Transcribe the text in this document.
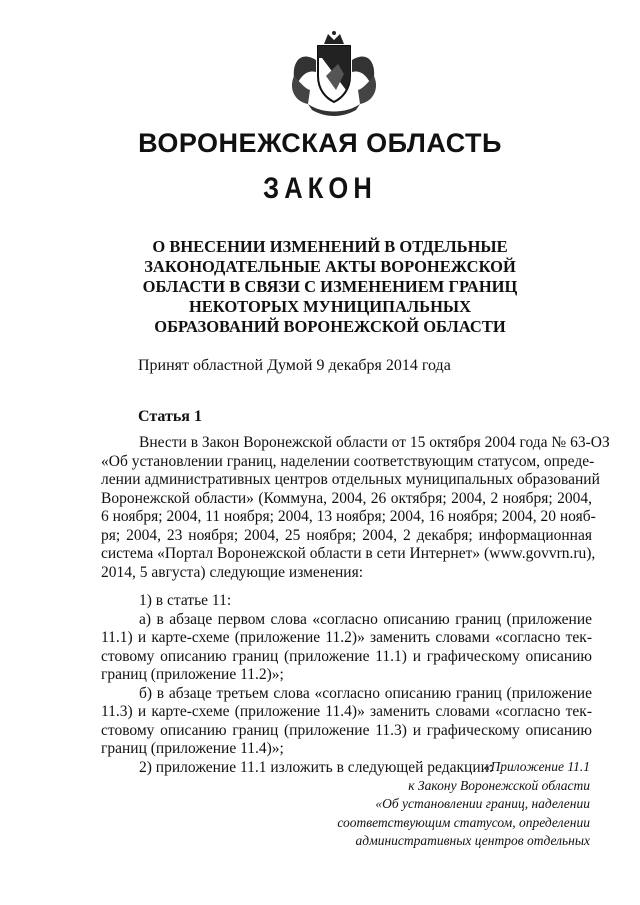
ВОРОНЕЖСКАЯ ОБЛАСТЬ
ЗАКОН
О ВНЕСЕНИИ ИЗМЕНЕНИЙ В ОТДЕЛЬНЫЕ
ЗАКОНОДАТЕЛЬНЫЕ АКТЫ ВОРОНЕЖСКОЙ
ОБЛАСТИ В СВЯЗИ С ИЗМЕНЕНИЕМ ГРАНИЦ
НЕКОТОРЫХ МУНИЦИПАЛЬНЫХ
ОБРАЗОВАНИЙ ВОРОНЕЖСКОЙ ОБЛАСТИ
Принят областной Думой 9 декабря 2014 года
Статья 1
Внести в Закон Воронежской области от 15 октября 2004 года № 63-ОЗ
«Об установлении границ, наделении соответствующим статусом, опреде-
лении административных центров отдельных муниципальных образований
Воронежской области» (Коммуна, 2004, 26 октября; 2004, 2 ноября; 2004,
6 ноября; 2004, 11 ноября; 2004, 13 ноября; 2004, 16 ноября; 2004, 20 нояб-
ря; 2004, 23 ноября; 2004, 25 ноября; 2004, 2 декабря; информационная
система «Портал Воронежской области в сети Интернет» (www.govvrn.ru),
2014, 5 августа) следующие изменения:
1) в статье 11:
а) в абзаце первом слова «согласно описанию границ (приложение
11.1) и карте-схеме (приложение 11.2)» заменить словами «согласно тек-
стовому описанию границ (приложение 11.1) и графическому описанию
границ (приложение 11.2)»;
б) в абзаце третьем слова «согласно описанию границ (приложение
11.3) и карте-схеме (приложение 11.4)» заменить словами «согласно тек-
стовому описанию границ (приложение 11.3) и графическому описанию
границ (приложение 11.4)»;
2) приложение 11.1 изложить в следующей редакции:
«Приложение 11.1
к Закону Воронежской области
«Об установлении границ, наделении
соответствующим статусом, определении
административных центров отдельных
